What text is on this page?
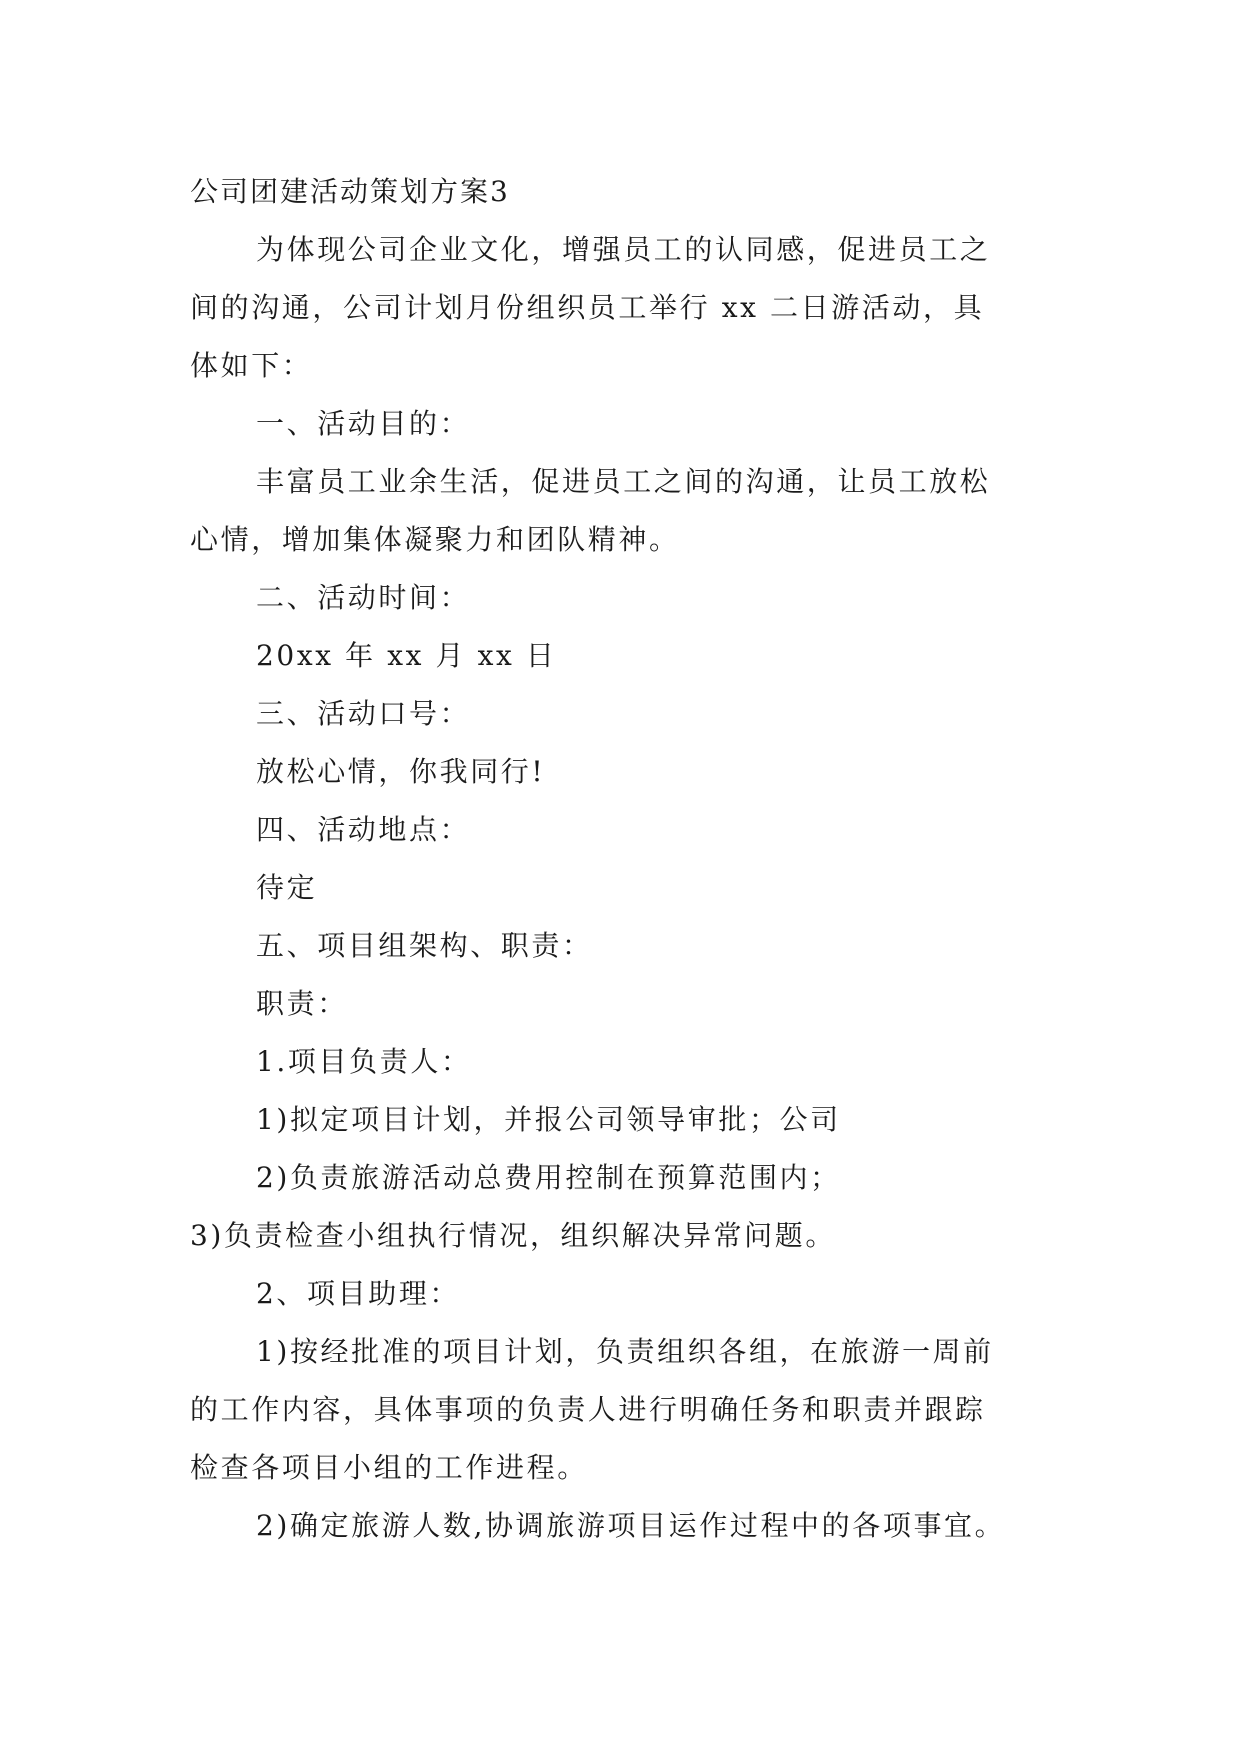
公司团建活动策划方案3
为体现公司企业文化，增强员工的认同感，促进员工之
间的沟通，公司计划月份组织员工举行 xx 二日游活动，具
体如下：
一、活动目的：
丰富员工业余生活，促进员工之间的沟通，让员工放松
心情，增加集体凝聚力和团队精神。
二、活动时间：
20xx 年 xx 月 xx 日
三、活动口号：
放松心情，你我同行!
四、活动地点：
待定
五、项目组架构、职责：
职责：
1.项目负责人：
1)拟定项目计划，并报公司领导审批；公司
2)负责旅游活动总费用控制在预算范围内；
3)负责检查小组执行情况，组织解决异常问题。
2、项目助理：
1)按经批准的项目计划，负责组织各组，在旅游一周前
的工作内容，具体事项的负责人进行明确任务和职责并跟踪
检查各项目小组的工作进程。
2)确定旅游人数,协调旅游项目运作过程中的各项事宜。
